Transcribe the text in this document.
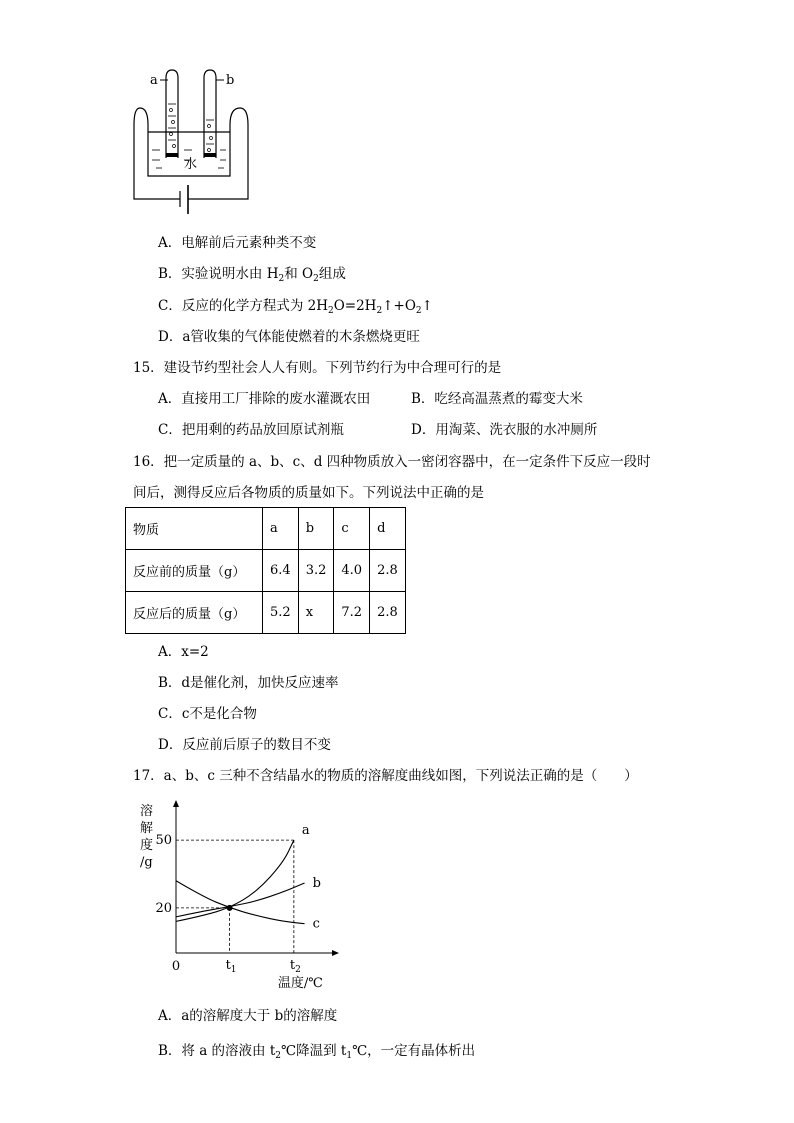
a	b
水
A．电解前后元素种类不变
B．实验说明水由 $H_2$和 $O_2$组成
C．反应的化学方程式为 $2H_2O=2H_2↑+O_2↑$
D．a管收集的气体能使燃着的木条燃烧更旺
15．建设节约型社会人人有则。下列节约行为中合理可行的是
A．直接用工厂排除的废水灌溉农田	B．吃经高温蒸煮的霉变大米
C．把用剩的药品放回原试剂瓶	D．用淘菜、洗衣服的水冲厕所
16．把一定质量的 a、b、c、d 四种物质放入一密闭容器中，在一定条件下反应一段时
间后，测得反应后各物质的质量如下。下列说法中正确的是
物质	a	b	c	d
反应前的质量（g）	6.4	3.2	4.0	2.8
反应后的质量（g）	5.2	x	7.2	2.8
A．x=2
B．d是催化剂，加快反应速率
C．c不是化合物
D．反应前后原子的数目不变
17．a、b、c 三种不含结晶水的物质的溶解度曲线如图，下列说法正确的是（　　）
a
b
c
50
20
0	$t_1$	$t_2$
温度/℃
溶
解
度
/g
A．a的溶解度大于 b的溶解度
B．将 a 的溶液由 $t_2℃$降温到 $t_1℃$，一定有晶体析出
